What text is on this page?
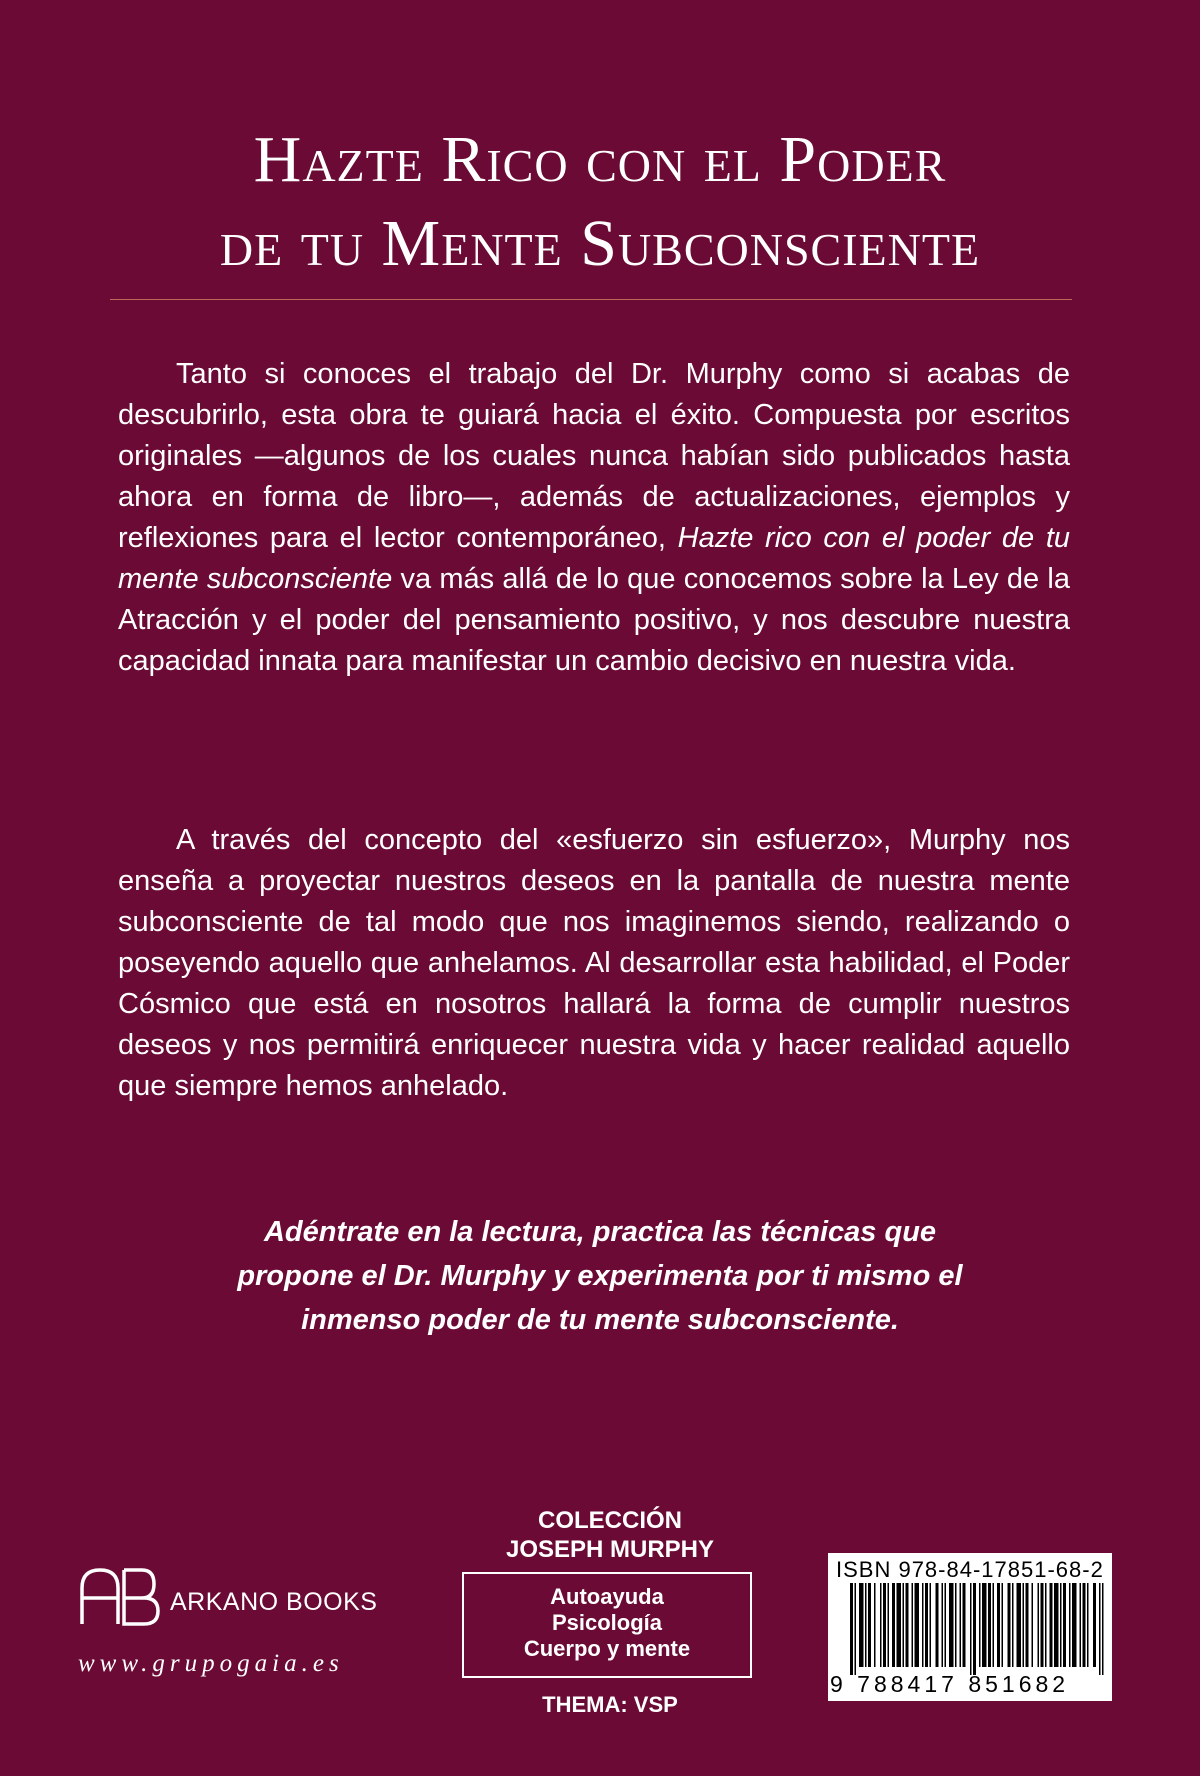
Hazte Rico con el Poder
de tu Mente Subconsciente

Tanto si conoces el trabajo del Dr. Murphy como si acabas de descubrirlo, esta obra te guiará hacia el éxito. Compuesta por escritos originales —algunos de los cuales nunca habían sido publicados hasta ahora en forma de libro—, además de actualizaciones, ejemplos y reflexiones para el lector contemporáneo, Hazte rico con el poder de tu mente subconsciente va más allá de lo que conocemos sobre la Ley de la Atracción y el poder del pensamiento positivo, y nos descubre nuestra capacidad innata para manifestar un cambio decisivo en nuestra vida.

A través del concepto del «esfuerzo sin esfuerzo», Murphy nos enseña a proyectar nuestros deseos en la pantalla de nuestra mente subconsciente de tal modo que nos imaginemos siendo, realizando o poseyendo aquello que anhelamos. Al desarrollar esta habilidad, el Poder Cósmico que está en nosotros hallará la forma de cumplir nuestros deseos y nos permitirá enriquecer nuestra vida y hacer realidad aquello que siempre hemos anhelado.

Adéntrate en la lectura, practica las técnicas que
propone el Dr. Murphy y experimenta por ti mismo el
inmenso poder de tu mente subconsciente.

ARKANO BOOKS
www.grupogaia.es
COLECCIÓN
JOSEPH MURPHY
Autoayuda
Psicología
Cuerpo y mente
THEMA: VSP
ISBN 978-84-17851-68-2
9 788417 851682
